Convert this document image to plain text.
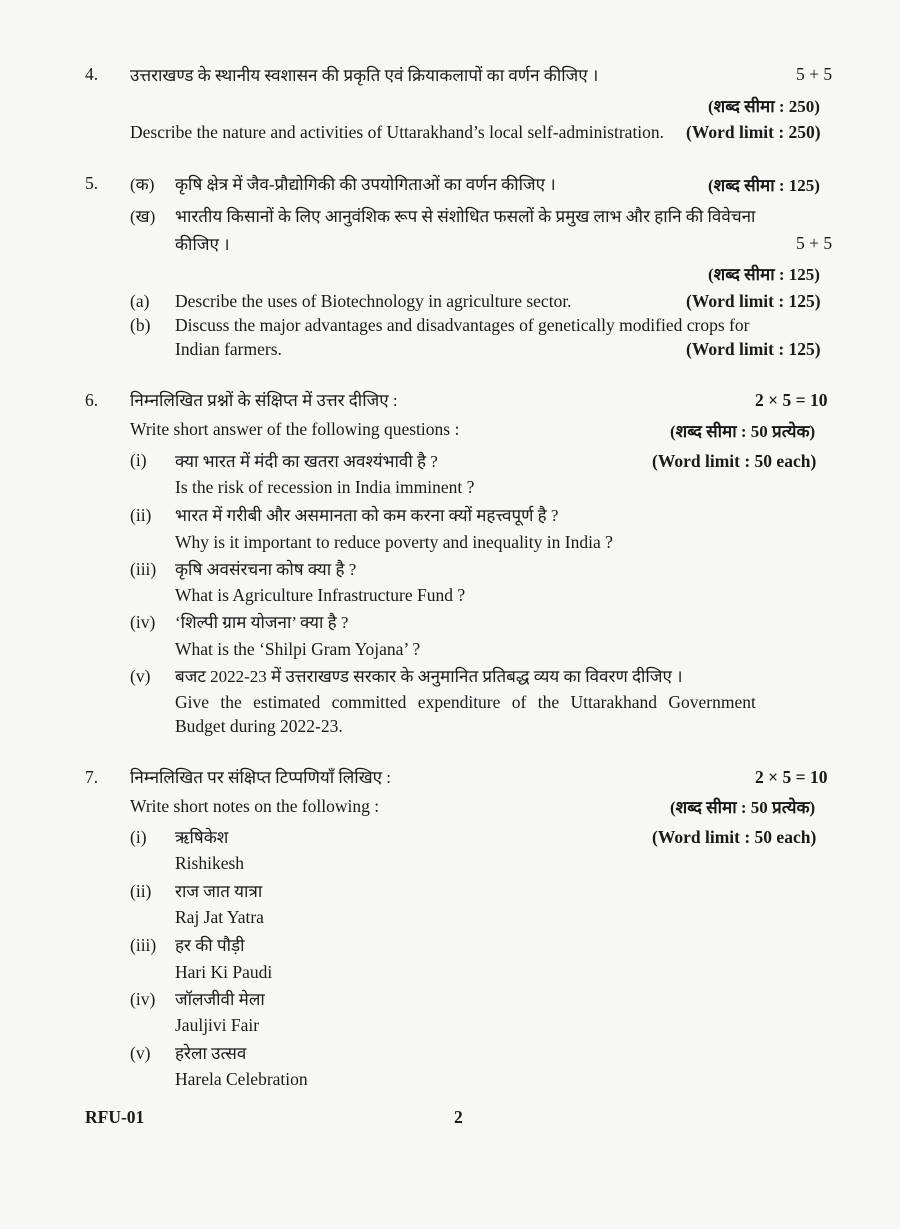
4. उत्तराखण्ड के स्थानीय स्वशासन की प्रकृति एवं क्रियाकलापों का वर्णन कीजिए ।	5 + 5
(शब्द सीमा : 250)
Describe the nature and activities of Uttarakhand’s local self-administration. (Word limit : 250)
5. (क) कृषि क्षेत्र में जैव-प्रौद्योगिकी की उपयोगिताओं का वर्णन कीजिए ।	(शब्द सीमा : 125)
(ख) भारतीय किसानों के लिए आनुवंशिक रूप से संशोधित फसलों के प्रमुख लाभ और हानि की विवेचना
कीजिए ।	5 + 5
(शब्द सीमा : 125)
(a) Describe the uses of Biotechnology in agriculture sector.	(Word limit : 125)
(b) Discuss the major advantages and disadvantages of genetically modified crops for
Indian farmers.	(Word limit : 125)
6. निम्नलिखित प्रश्नों के संक्षिप्त में उत्तर दीजिए :	2 × 5 = 10
Write short answer of the following questions :	(शब्द सीमा : 50 प्रत्येक)
(Word limit : 50 each)
(i) क्या भारत में मंदी का खतरा अवश्यंभावी है ?
Is the risk of recession in India imminent ?
(ii) भारत में गरीबी और असमानता को कम करना क्यों महत्त्वपूर्ण है ?
Why is it important to reduce poverty and inequality in India ?
(iii) कृषि अवसंरचना कोष क्या है ?
What is Agriculture Infrastructure Fund ?
(iv) ‘शिल्पी ग्राम योजना’ क्या है ?
What is the ‘Shilpi Gram Yojana’ ?
(v) बजट 2022-23 में उत्तराखण्ड सरकार के अनुमानित प्रतिबद्ध व्यय का विवरण दीजिए ।
Give the estimated committed expenditure of the Uttarakhand Government
Budget during 2022-23.
7. निम्नलिखित पर संक्षिप्त टिप्पणियाँ लिखिए :	2 × 5 = 10
Write short notes on the following :	(शब्द सीमा : 50 प्रत्येक)
(Word limit : 50 each)
(i) ऋषिकेश
Rishikesh
(ii) राज जात यात्रा
Raj Jat Yatra
(iii) हर की पौड़ी
Hari Ki Paudi
(iv) जॉलजीवी मेला
Jauljivi Fair
(v) हरेला उत्सव
Harela Celebration
RFU-01	2
